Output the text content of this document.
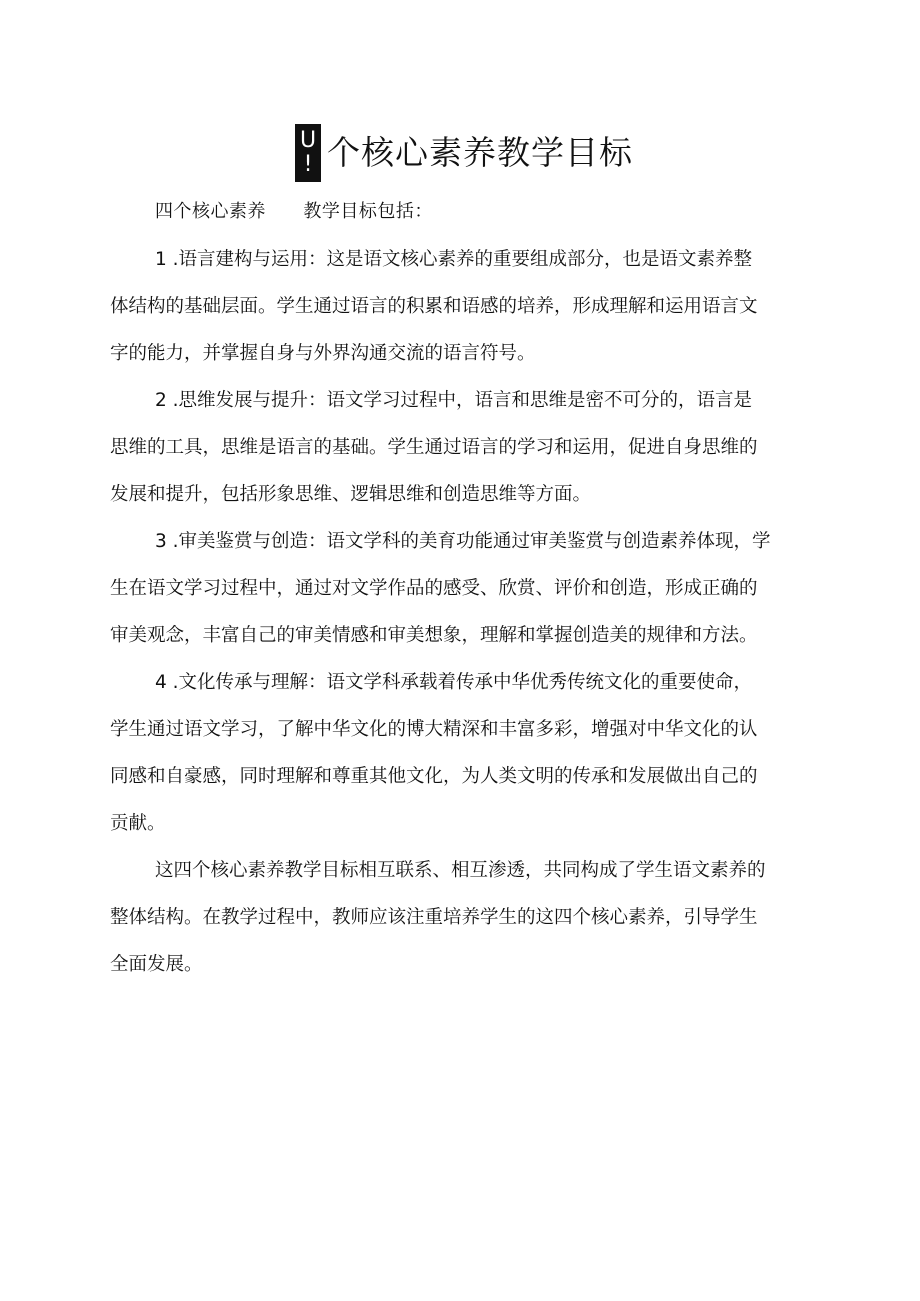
U
! 个核心素养教学目标
四个核心素养      教学目标包括：
1 .语言建构与运用：这是语文核心素养的重要组成部分，也是语文素养整
体结构的基础层面。学生通过语言的积累和语感的培养，形成理解和运用语言文
字的能力，并掌握自身与外界沟通交流的语言符号。
2 .思维发展与提升：语文学习过程中，语言和思维是密不可分的，语言是
思维的工具，思维是语言的基础。学生通过语言的学习和运用，促进自身思维的
发展和提升，包括形象思维、逻辑思维和创造思维等方面。
3 .审美鉴赏与创造：语文学科的美育功能通过审美鉴赏与创造素养体现，学
生在语文学习过程中，通过对文学作品的感受、欣赏、评价和创造，形成正确的
审美观念，丰富自己的审美情感和审美想象，理解和掌握创造美的规律和方法。
4 .文化传承与理解：语文学科承载着传承中华优秀传统文化的重要使命，
学生通过语文学习，了解中华文化的博大精深和丰富多彩，增强对中华文化的认
同感和自豪感，同时理解和尊重其他文化，为人类文明的传承和发展做出自己的
贡献。
这四个核心素养教学目标相互联系、相互渗透，共同构成了学生语文素养的
整体结构。在教学过程中，教师应该注重培养学生的这四个核心素养，引导学生
全面发展。
